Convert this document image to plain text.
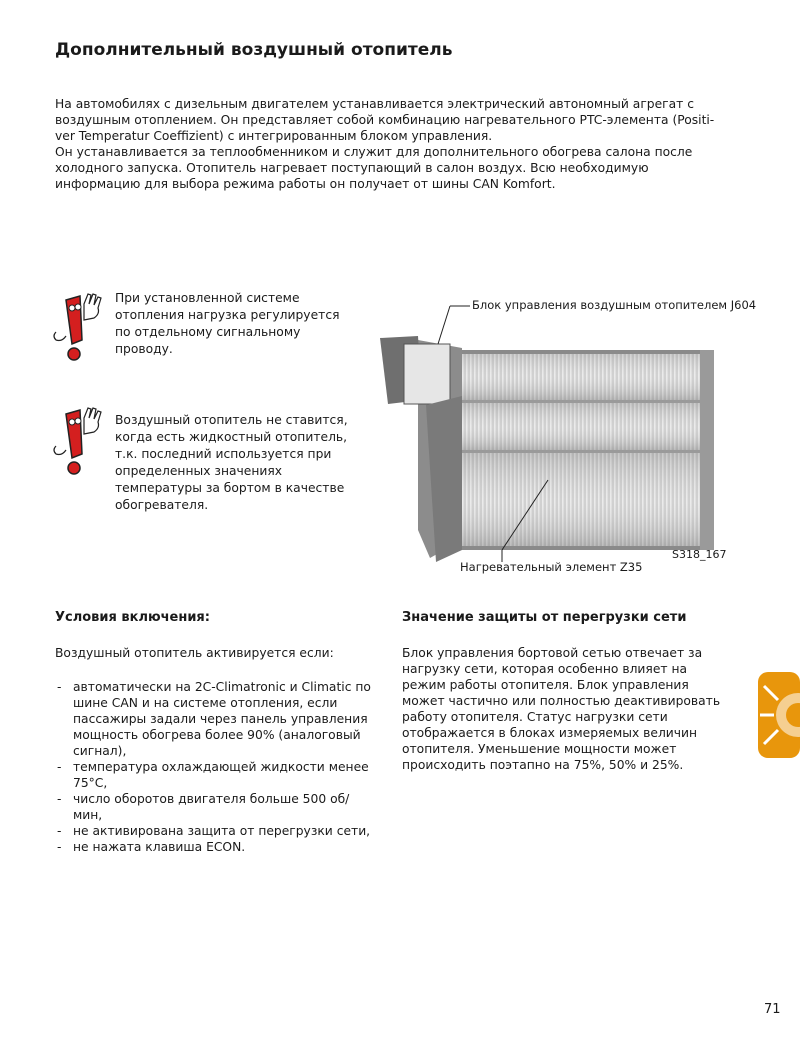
Дополнительный воздушный отопитель

На автомобилях с дизельным двигателем устанавливается электрический автономный агрегат с воздушным отоплением. Он представляет собой комбинацию нагревательного PTC-элемента (Positi-ver Temperatur Coeffizient) с интегрированным блоком управления.

Он устанавливается за теплообменником и служит для дополнительного обогрева салона после холодного запуска. Отопитель нагревает поступающий в салон воздух. Всю необходимую информацию для выбора режима работы он получает от шины CAN Komfort.

При установленной системе отопления нагрузка регулируется по отдельному сигнальному проводу.

Воздушный отопитель не ставится, когда есть жидкостный отопитель, т.к. последний используется при определенных значениях температуры за бортом в качестве обогревателя.

Блок управления воздушным отопителем J604
Нагревательный элемент Z35
S318_167
Условия включения:

Воздушный отопитель активируется если:

- автоматически на 2C-Climatronic и Climatic по шине CAN и на системе отопления, если пассажиры задали через панель управления мощность обогрева более 90% (аналоговый сигнал),
- температура охлаждающей жидкости менее 75°С,
- число оборотов двигателя больше 500 об/мин,
- не активирована защита от перегрузки сети,
- не нажата клавиша ECON.
Значение защиты от перегрузки сети

Блок управления бортовой сетью отвечает за нагрузку сети, которая особенно влияет на режим работы отопителя. Блок управления может частично или полностью деактивировать работу отопителя. Статус нагрузки сети отображается в блоках измеряемых величин отопителя. Уменьшение мощности может происходить поэтапно на 75%, 50% и 25%.

71
